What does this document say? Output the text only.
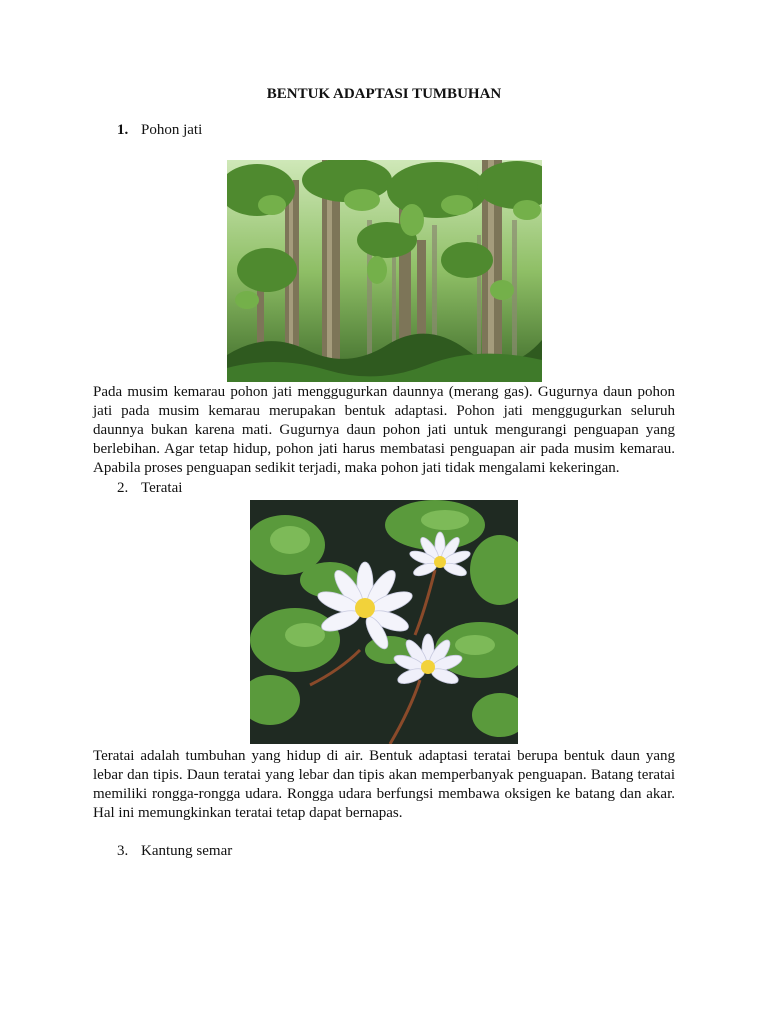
BENTUK ADAPTASI TUMBUHAN
1. Pohon jati

Pada musim kemarau pohon jati menggugurkan daunnya (merang gas). Gugurnya daun pohon jati pada musim kemarau merupakan bentuk adaptasi. Pohon jati menggugurkan seluruh daunnya bukan karena mati. Gugurnya daun pohon jati untuk mengurangi penguapan yang berlebihan. Agar tetap hidup, pohon jati harus membatasi penguapan air pada musim kemarau. Apabila proses penguapan sedikit terjadi, maka pohon jati tidak mengalami kekeringan.

2. Teratai

Teratai adalah tumbuhan yang hidup di air. Bentuk adaptasi teratai berupa bentuk daun yang lebar dan tipis. Daun teratai yang lebar dan tipis akan memperbanyak penguapan. Batang teratai memiliki rongga-rongga udara. Rongga udara berfungsi membawa oksigen ke batang dan akar. Hal ini memungkinkan teratai tetap dapat bernapas.

3. Kantung semar
